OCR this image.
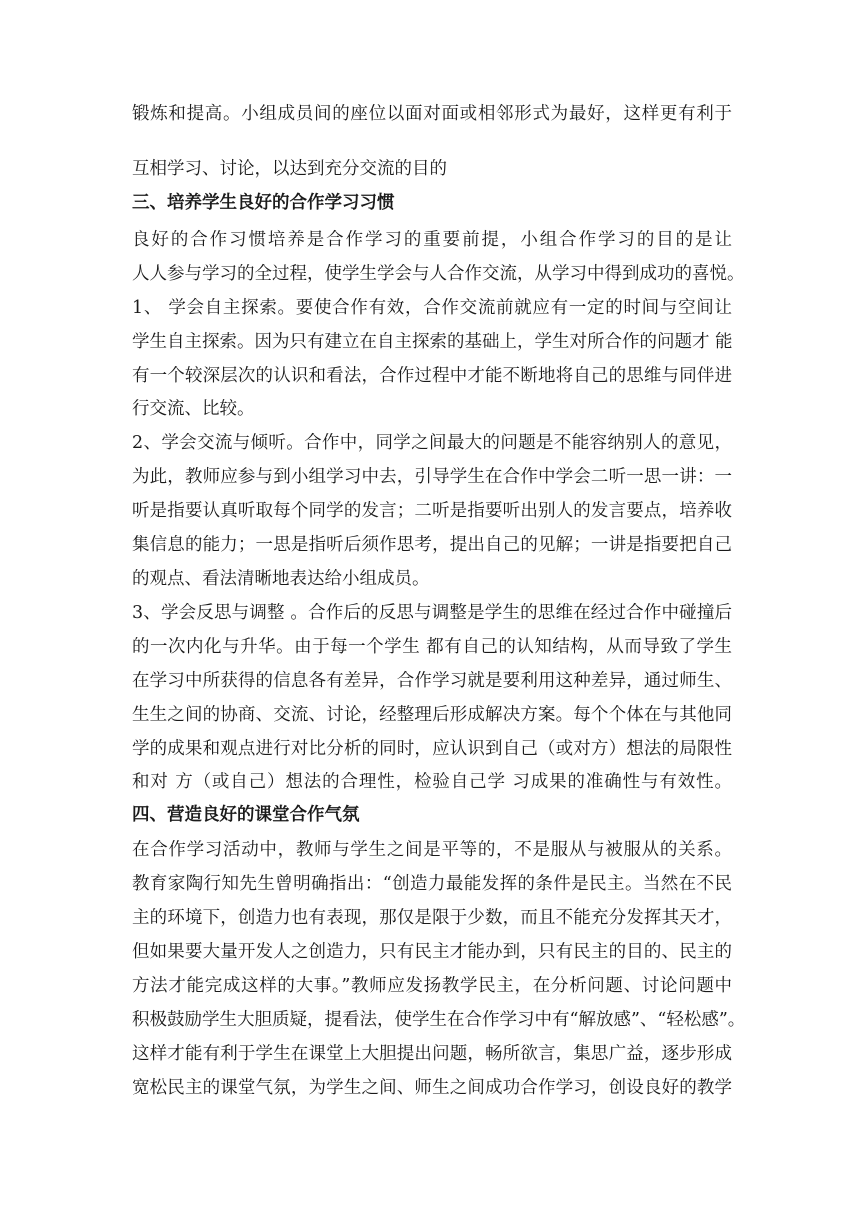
锻炼和提高。小组成员间的座位以面对面或相邻形式为最好，这样更有利于
互相学习、讨论，以达到充分交流的目的
三、培养学生良好的合作学习习惯
良好的合作习惯培养是合作学习的重要前提，小组合作学习的目的是让
人人参与学习的全过程，使学生学会与人合作交流，从学习中得到成功的喜悦。
1、 学会自主探索。要使合作有效，合作交流前就应有一定的时间与空间让
学生自主探索。因为只有建立在自主探索的基础上，学生对所合作的问题才 能
有一个较深层次的认识和看法，合作过程中才能不断地将自己的思维与同伴进
行交流、比较。
2、学会交流与倾听。合作中，同学之间最大的问题是不能容纳别人的意见，
为此，教师应参与到小组学习中去，引导学生在合作中学会二听一思一讲：一
听是指要认真听取每个同学的发言；二听是指要听出别人的发言要点，培养收
集信息的能力；一思是指听后须作思考，提出自己的见解；一讲是指要把自己
的观点、看法清晰地表达给小组成员。
3、学会反思与调整 。合作后的反思与调整是学生的思维在经过合作中碰撞后
的一次内化与升华。由于每一个学生 都有自己的认知结构，从而导致了学生
在学习中所获得的信息各有差异，合作学习就是要利用这种差异，通过师生、
生生之间的协商、交流、讨论，经整理后形成解决方案。每个个体在与其他同
学的成果和观点进行对比分析的同时，应认识到自己（或对方）想法的局限性
和对 方（或自己）想法的合理性，检验自己学 习成果的准确性与有效性。
四、营造良好的课堂合作气氛
在合作学习活动中，教师与学生之间是平等的，不是服从与被服从的关系。
教育家陶行知先生曾明确指出：“创造力最能发挥的条件是民主。当然在不民
主的环境下，创造力也有表现，那仅是限于少数，而且不能充分发挥其天才，
但如果要大量开发人之创造力，只有民主才能办到，只有民主的目的、民主的
方法才能完成这样的大事。”教师应发扬教学民主，在分析问题、讨论问题中
积极鼓励学生大胆质疑，提看法，使学生在合作学习中有“解放感”、“轻松感”。
这样才能有利于学生在课堂上大胆提出问题，畅所欲言，集思广益，逐步形成
宽松民主的课堂气氛，为学生之间、师生之间成功合作学习，创设良好的教学
